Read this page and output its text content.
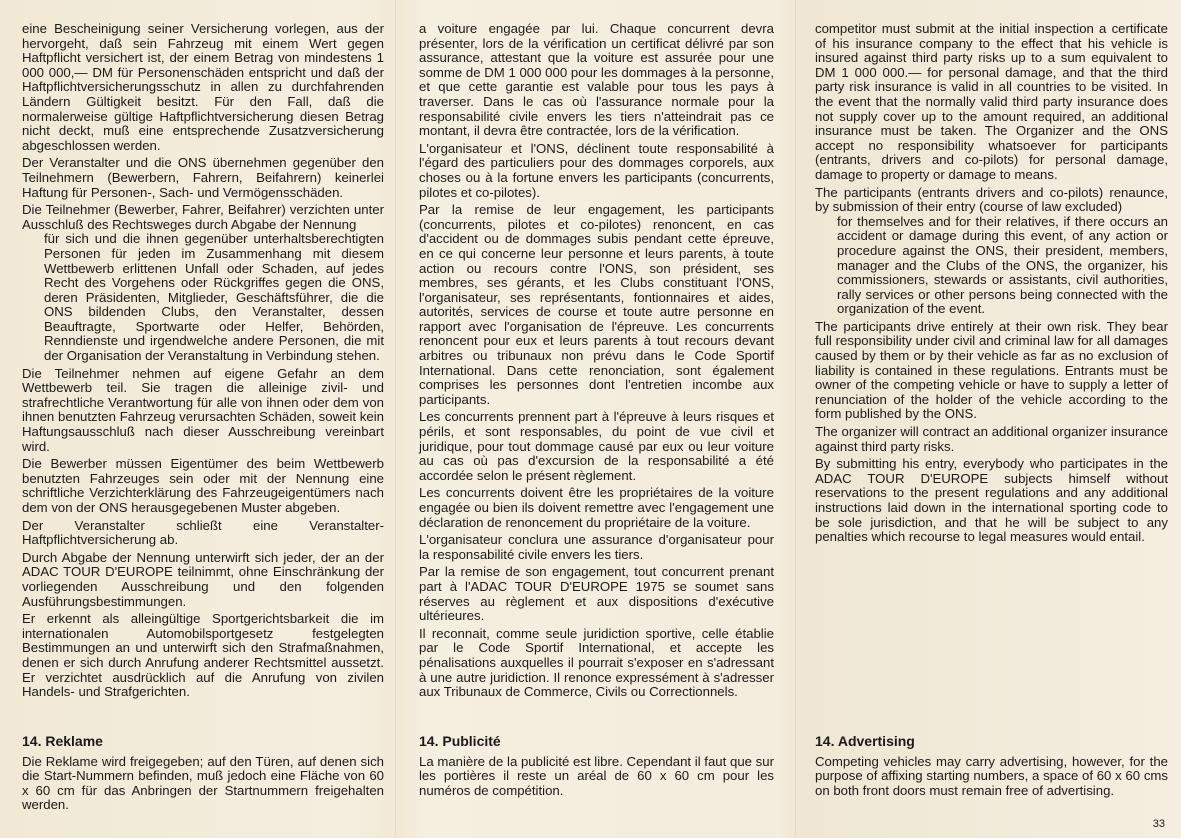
eine Bescheinigung seiner Versicherung vorlegen, aus der hervorgeht, daß sein Fahrzeug mit einem Wert gegen Haftpflicht versichert ist, der einem Betrag von mindestens 1 000 000,— DM für Personenschäden entspricht und daß der Haftpflichtversicherungsschutz in allen zu durchfahrenden Ländern Gültigkeit besitzt. Für den Fall, daß die normalerweise gültige Haftpflichtversicherung diesen Betrag nicht deckt, muß eine entsprechende Zusatzversicherung abgeschlossen werden.

Der Veranstalter und die ONS übernehmen gegenüber den Teilnehmern (Bewerbern, Fahrern, Beifahrern) keinerlei Haftung für Personen-, Sach- und Vermögensschäden.

Die Teilnehmer (Bewerber, Fahrer, Beifahrer) verzichten unter Ausschluß des Rechtsweges durch Abgabe der Nennung

für sich und die ihnen gegenüber unterhaltsberechtigten Personen für jeden im Zusammenhang mit diesem Wettbewerb erlittenen Unfall oder Schaden, auf jedes Recht des Vorgehens oder Rückgriffes gegen die ONS, deren Präsidenten, Mitglieder, Geschäftsführer, die die ONS bildenden Clubs, den Veranstalter, dessen Beauftragte, Sportwarte oder Helfer, Behörden, Renndienste und irgendwelche andere Personen, die mit der Organisation der Veranstaltung in Verbindung stehen.

Die Teilnehmer nehmen auf eigene Gefahr an dem Wettbewerb teil. Sie tragen die alleinige zivil- und strafrechtliche Verantwortung für alle von ihnen oder dem von ihnen benutzten Fahrzeug verursachten Schäden, soweit kein Haftungsausschluß nach dieser Ausschreibung vereinbart wird.

Die Bewerber müssen Eigentümer des beim Wettbewerb benutzten Fahrzeuges sein oder mit der Nennung eine schriftliche Verzichterklärung des Fahrzeugeigentümers nach dem von der ONS herausgegebenen Muster abgeben.

Der Veranstalter schließt eine Veranstalter-Haftpflichtversicherung ab.

Durch Abgabe der Nennung unterwirft sich jeder, der an der ADAC TOUR D'EUROPE teilnimmt, ohne Einschränkung der vorliegenden Ausschreibung und den folgenden Ausführungsbestimmungen.

Er erkennt als alleingültige Sportgerichtsbarkeit die im internationalen Automobilsportgesetz festgelegten Bestimmungen an und unterwirft sich den Strafmaßnahmen, denen er sich durch Anrufung anderer Rechtsmittel aussetzt. Er verzichtet ausdrücklich auf die Anrufung von zivilen Handels- und Strafgerichten.

a voiture engagée par lui. Chaque concurrent devra présenter, lors de la vérification un certificat délivré par son assurance, attestant que la voiture est assurée pour une somme de DM 1 000 000 pour les dommages à la personne, et que cette garantie est valable pour tous les pays à traverser. Dans le cas où l'assurance normale pour la responsabilité civile envers les tiers n'atteindrait pas ce montant, il devra être contractée, lors de la vérification.

L'organisateur et l'ONS, déclinent toute responsabilité à l'égard des particuliers pour des dommages corporels, aux choses ou à la fortune envers les participants (concurrents, pilotes et co-pilotes).

Par la remise de leur engagement, les participants (concurrents, pilotes et co-pilotes) renoncent, en cas d'accident ou de dommages subis pendant cette épreuve, en ce qui concerne leur personne et leurs parents, à toute action ou recours contre l'ONS, son président, ses membres, ses gérants, et les Clubs constituant l'ONS, l'organisateur, ses représentants, fontionnaires et aides, autorités, services de course et toute autre personne en rapport avec l'organisation de l'épreuve. Les concurrents renoncent pour eux et leurs parents à tout recours devant arbitres ou tribunaux non prévu dans le Code Sportif International. Dans cette renonciation, sont également comprises les personnes dont l'entretien incombe aux participants.

Les concurrents prennent part à l'épreuve à leurs risques et périls, et sont responsables, du point de vue civil et juridique, pour tout dommage causé par eux ou leur voiture au cas où pas d'excursion de la responsabilité a été accordée selon le présent règlement.

Les concurrents doivent être les propriétaires de la voiture engagée ou bien ils doivent remettre avec l'engagement une déclaration de renoncement du propriétaire de la voiture.

L'organisateur conclura une assurance d'organisateur pour la responsabilité civile envers les tiers.

Par la remise de son engagement, tout concurrent prenant part à l'ADAC TOUR D'EUROPE 1975 se soumet sans réserves au règlement et aux dispositions d'exécutive ultérieures.

Il reconnait, comme seule juridiction sportive, celle établie par le Code Sportif International, et accepte les pénalisations auxquelles il pourrait s'exposer en s'adressant à une autre juridiction. Il renonce expressément à s'adresser aux Tribunaux de Commerce, Civils ou Correctionnels.

competitor must submit at the initial inspection a certificate of his insurance company to the effect that his vehicle is insured against third party risks up to a sum equivalent to DM 1 000 000.— for personal damage, and that the third party risk insurance is valid in all countries to be visited. In the event that the normally valid third party insurance does not supply cover up to the amount required, an additional insurance must be taken. The Organizer and the ONS accept no responsibility whatsoever for participants (entrants, drivers and co-pilots) for personal damage, damage to property or damage to means.

The participants (entrants drivers and co-pilots) renaunce, by submission of their entry (course of law excluded)

for themselves and for their relatives, if there occurs an accident or damage during this event, of any action or procedure against the ONS, their president, members, manager and the Clubs of the ONS, the organizer, his commissioners, stewards or assistants, civil authorities, rally services or other persons being connected with the organization of the event.

The participants drive entirely at their own risk. They bear full responsibility under civil and criminal law for all damages caused by them or by their vehicle as far as no exclusion of liability is contained in these regulations. Entrants must be owner of the competing vehicle or have to supply a letter of renunciation of the holder of the vehicle according to the form published by the ONS.

The organizer will contract an additional organizer insurance against third party risks.

By submitting his entry, everybody who participates in the ADAC TOUR D'EUROPE subjects himself without reservations to the present regulations and any additional instructions laid down in the international sporting code to be sole jurisdiction, and that he will be subject to any penalties which recourse to legal measures would entail.

14. Reklame

Die Reklame wird freigegeben; auf den Türen, auf denen sich die Start-Nummern befinden, muß jedoch eine Fläche von 60 x 60 cm für das Anbringen der Startnummern freigehalten werden.

14. Publicité

La manière de la publicité est libre. Cependant il faut que sur les portières il reste un aréal de 60 x 60 cm pour les numéros de compétition.

14. Advertising

Competing vehicles may carry advertising, however, for the purpose of affixing starting numbers, a space of 60 x 60 cms on both front doors must remain free of advertising.

33
